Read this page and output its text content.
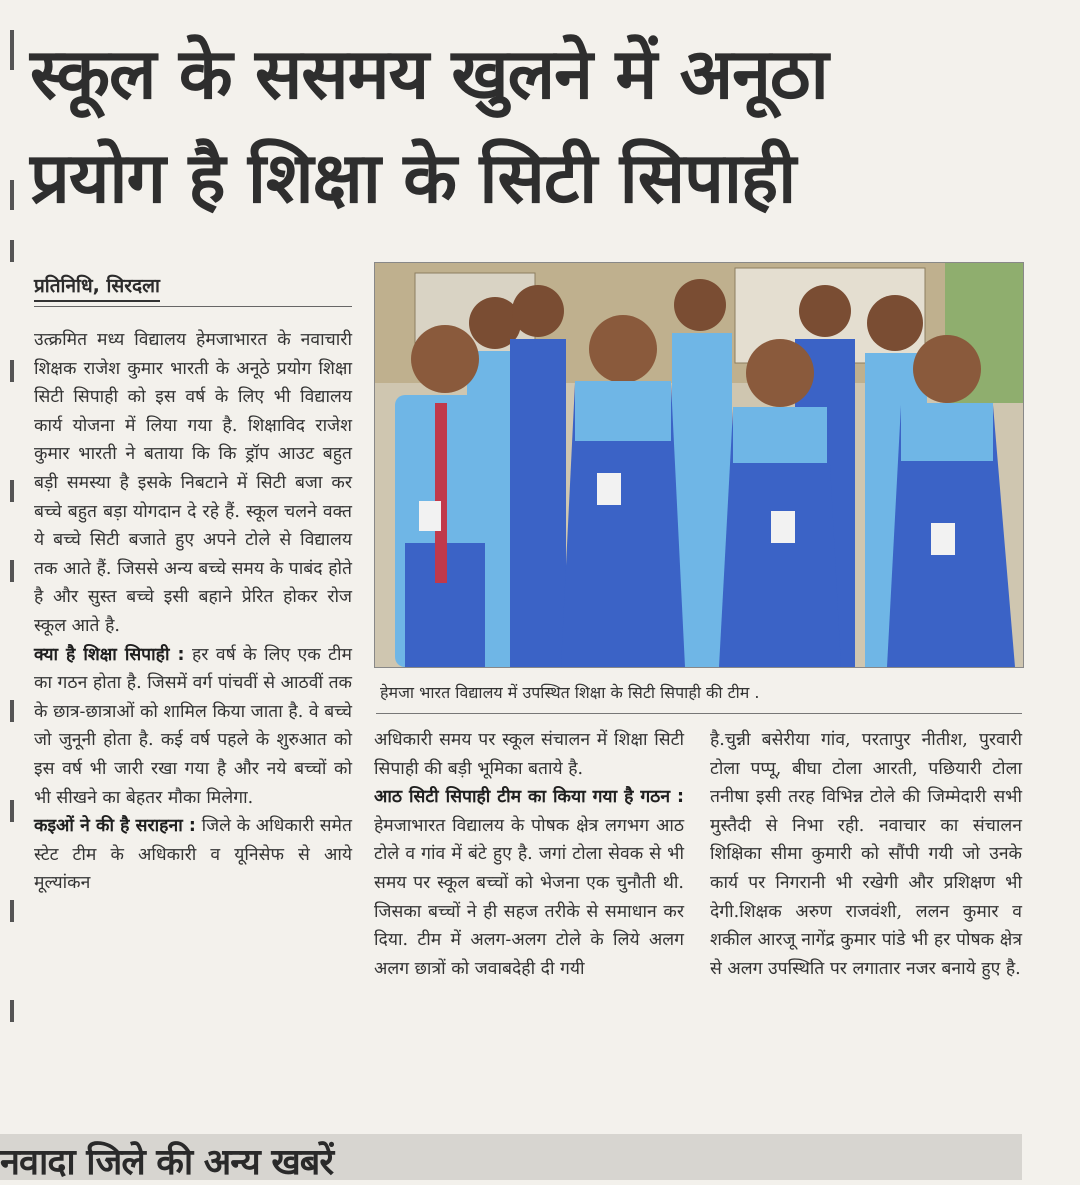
स्कूल के ससमय खुलने में अनूठा
प्रयोग है शिक्षा के सिटी सिपाही
प्रतिनिधि, सिरदला

उत्क्रमित मध्य विद्यालय हेमजाभारत के नवाचारी शिक्षक राजेश कुमार भारती के अनूठे प्रयोग शिक्षा सिटी सिपाही को इस वर्ष के लिए भी विद्यालय कार्य योजना में लिया गया है. शिक्षाविद राजेश कुमार भारती ने बताया कि कि ड्रॉप आउट बहुत बड़ी समस्या है इसके निबटाने में सिटी बजा कर बच्चे बहुत बड़ा योगदान दे रहे हैं. स्कूल चलने वक्त ये बच्चे सिटी बजाते हुए अपने टोले से विद्यालय तक आते हैं. जिससे अन्य बच्चे समय के पाबंद होते है और सुस्त बच्चे इसी बहाने प्रेरित होकर रोज स्कूल आते है.

क्या है शिक्षा सिपाही : हर वर्ष के लिए एक टीम का गठन होता है. जिसमें वर्ग पांचवीं से आठवीं तक के छात्र-छात्राओं को शामिल किया जाता है. वे बच्चे जो जुनूनी होता है. कई वर्ष पहले के शुरुआत को इस वर्ष भी जारी रखा गया है और नये बच्चों को भी सीखने का बेहतर मौका मिलेगा.

कइओं ने की है सराहना : जिले के अधिकारी समेत स्टेट टीम के अधिकारी व यूनिसेफ से आये मूल्यांकन

हेमजा भारत विद्यालय में उपस्थित शिक्षा के सिटी सिपाही की टीम .

अधिकारी समय पर स्कूल संचालन में शिक्षा सिटी सिपाही की बड़ी भूमिका बताये है.

आठ सिटी सिपाही टीम का किया गया है गठन : हेमजाभारत विद्यालय के पोषक क्षेत्र लगभग आठ टोले व गांव में बंटे हुए है. जगां टोला सेवक से भी समय पर स्कूल बच्चों को भेजना एक चुनौती थी. जिसका बच्चों ने ही सहज तरीके से समाधान कर दिया. टीम में अलग-अलग टोले के लिये अलग अलग छात्रों को जवाबदेही दी गयी

है.चुन्नी बसेरीया गांव, परतापुर नीतीश, पुरवारी टोला पप्पू, बीघा टोला आरती, पछियारी टोला तनीषा इसी तरह विभिन्न टोले की जिम्मेदारी सभी मुस्तैदी से निभा रही. नवाचार का संचालन शिक्षिका सीमा कुमारी को सौंपी गयी जो उनके कार्य पर निगरानी भी रखेगी और प्रशिक्षण भी देगी.शिक्षक अरुण राजवंशी, ललन कुमार व शकील आरजू नागेंद्र कुमार पांडे भी हर पोषक क्षेत्र से अलग उपस्थिति पर लगातार नजर बनाये हुए है.

नवादा जिले की अन्य खबरें
